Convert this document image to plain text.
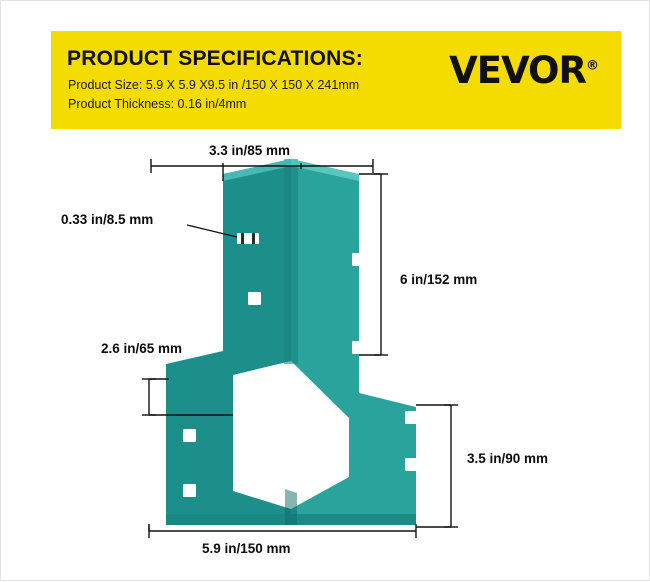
PRODUCT SPECIFICATIONS:
Product Size: 5.9 X 5.9 X9.5 in /150 X 150 X 241mm
Product Thickness: 0.16 in/4mm
VEVOR®
3.3 in/85 mm
0.33 in/8.5 mm
6 in/152 mm
2.6 in/65 mm
3.5 in/90 mm
5.9 in/150 mm
